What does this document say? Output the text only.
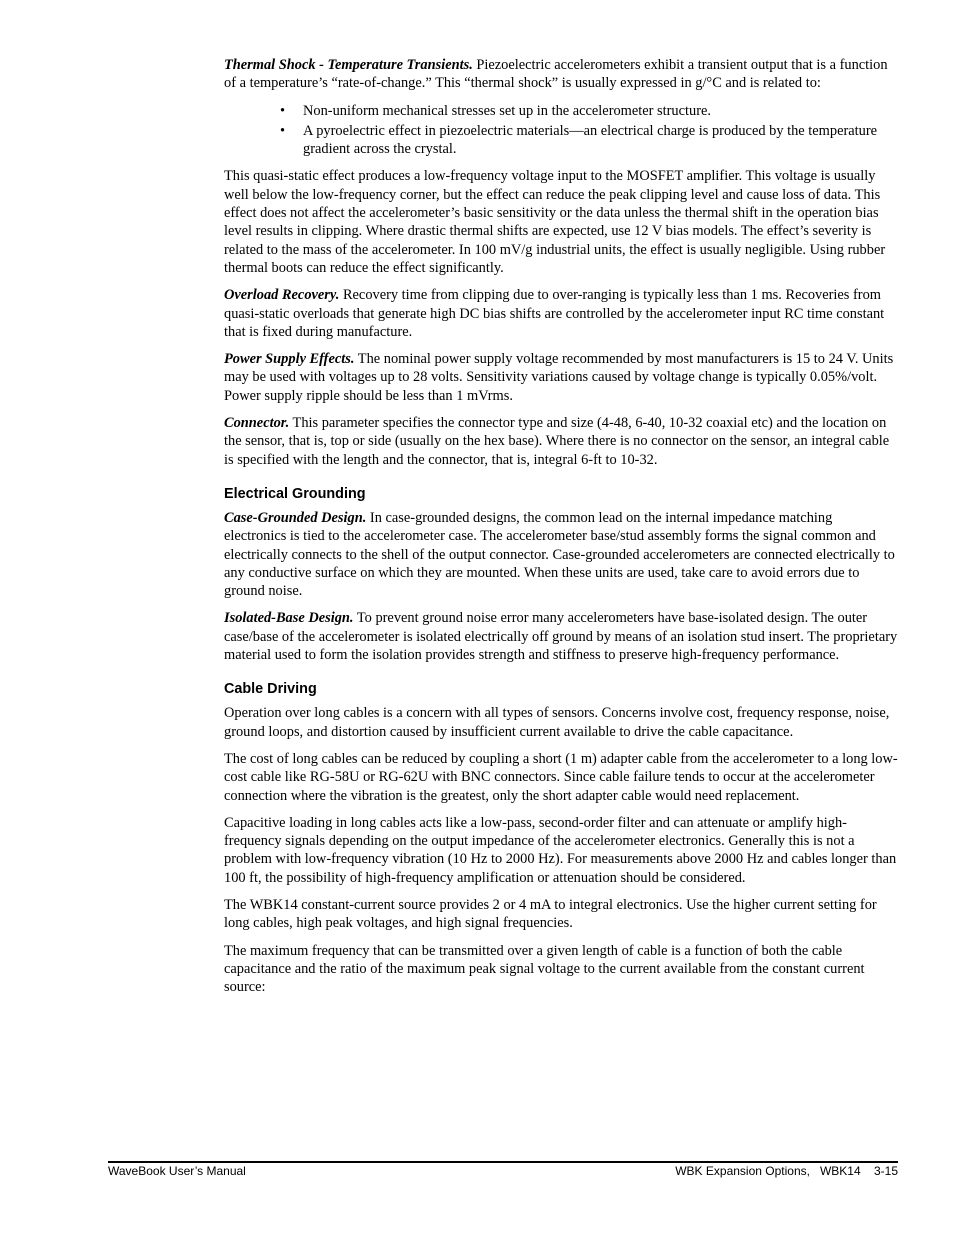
Thermal Shock - Temperature Transients. Piezoelectric accelerometers exhibit a transient output that is a function of a temperature’s “rate-of-change.” This “thermal shock” is usually expressed in g/°C and is related to:

• Non-uniform mechanical stresses set up in the accelerometer structure.
• A pyroelectric effect in piezoelectric materials—an electrical charge is produced by the temperature gradient across the crystal.

This quasi-static effect produces a low-frequency voltage input to the MOSFET amplifier. This voltage is usually well below the low-frequency corner, but the effect can reduce the peak clipping level and cause loss of data. This effect does not affect the accelerometer’s basic sensitivity or the data unless the thermal shift in the operation bias level results in clipping. Where drastic thermal shifts are expected, use 12 V bias models. The effect’s severity is related to the mass of the accelerometer. In 100 mV/g industrial units, the effect is usually negligible. Using rubber thermal boots can reduce the effect significantly.

Overload Recovery. Recovery time from clipping due to over-ranging is typically less than 1 ms. Recoveries from quasi-static overloads that generate high DC bias shifts are controlled by the accelerometer input RC time constant that is fixed during manufacture.

Power Supply Effects. The nominal power supply voltage recommended by most manufacturers is 15 to 24 V. Units may be used with voltages up to 28 volts. Sensitivity variations caused by voltage change is typically 0.05%/volt. Power supply ripple should be less than 1 mVrms.

Connector. This parameter specifies the connector type and size (4-48, 6-40, 10-32 coaxial etc) and the location on the sensor, that is, top or side (usually on the hex base). Where there is no connector on the sensor, an integral cable is specified with the length and the connector, that is, integral 6-ft to 10-32.

Electrical Grounding

Case-Grounded Design. In case-grounded designs, the common lead on the internal impedance matching electronics is tied to the accelerometer case. The accelerometer base/stud assembly forms the signal common and electrically connects to the shell of the output connector. Case-grounded accelerometers are connected electrically to any conductive surface on which they are mounted. When these units are used, take care to avoid errors due to ground noise.

Isolated-Base Design. To prevent ground noise error many accelerometers have base-isolated design. The outer case/base of the accelerometer is isolated electrically off ground by means of an isolation stud insert. The proprietary material used to form the isolation provides strength and stiffness to preserve high-frequency performance.

Cable Driving

Operation over long cables is a concern with all types of sensors. Concerns involve cost, frequency response, noise, ground loops, and distortion caused by insufficient current available to drive the cable capacitance.

The cost of long cables can be reduced by coupling a short (1 m) adapter cable from the accelerometer to a long low-cost cable like RG-58U or RG-62U with BNC connectors. Since cable failure tends to occur at the accelerometer connection where the vibration is the greatest, only the short adapter cable would need replacement.

Capacitive loading in long cables acts like a low-pass, second-order filter and can attenuate or amplify high-frequency signals depending on the output impedance of the accelerometer electronics. Generally this is not a problem with low-frequency vibration (10 Hz to 2000 Hz). For measurements above 2000 Hz and cables longer than 100 ft, the possibility of high-frequency amplification or attenuation should be considered.

The WBK14 constant-current source provides 2 or 4 mA to integral electronics. Use the higher current setting for long cables, high peak voltages, and high signal frequencies.

The maximum frequency that can be transmitted over a given length of cable is a function of both the cable capacitance and the ratio of the maximum peak signal voltage to the current available from the constant current source:

WaveBook User’s Manual	WBK Expansion Options,   WBK14    3-15
